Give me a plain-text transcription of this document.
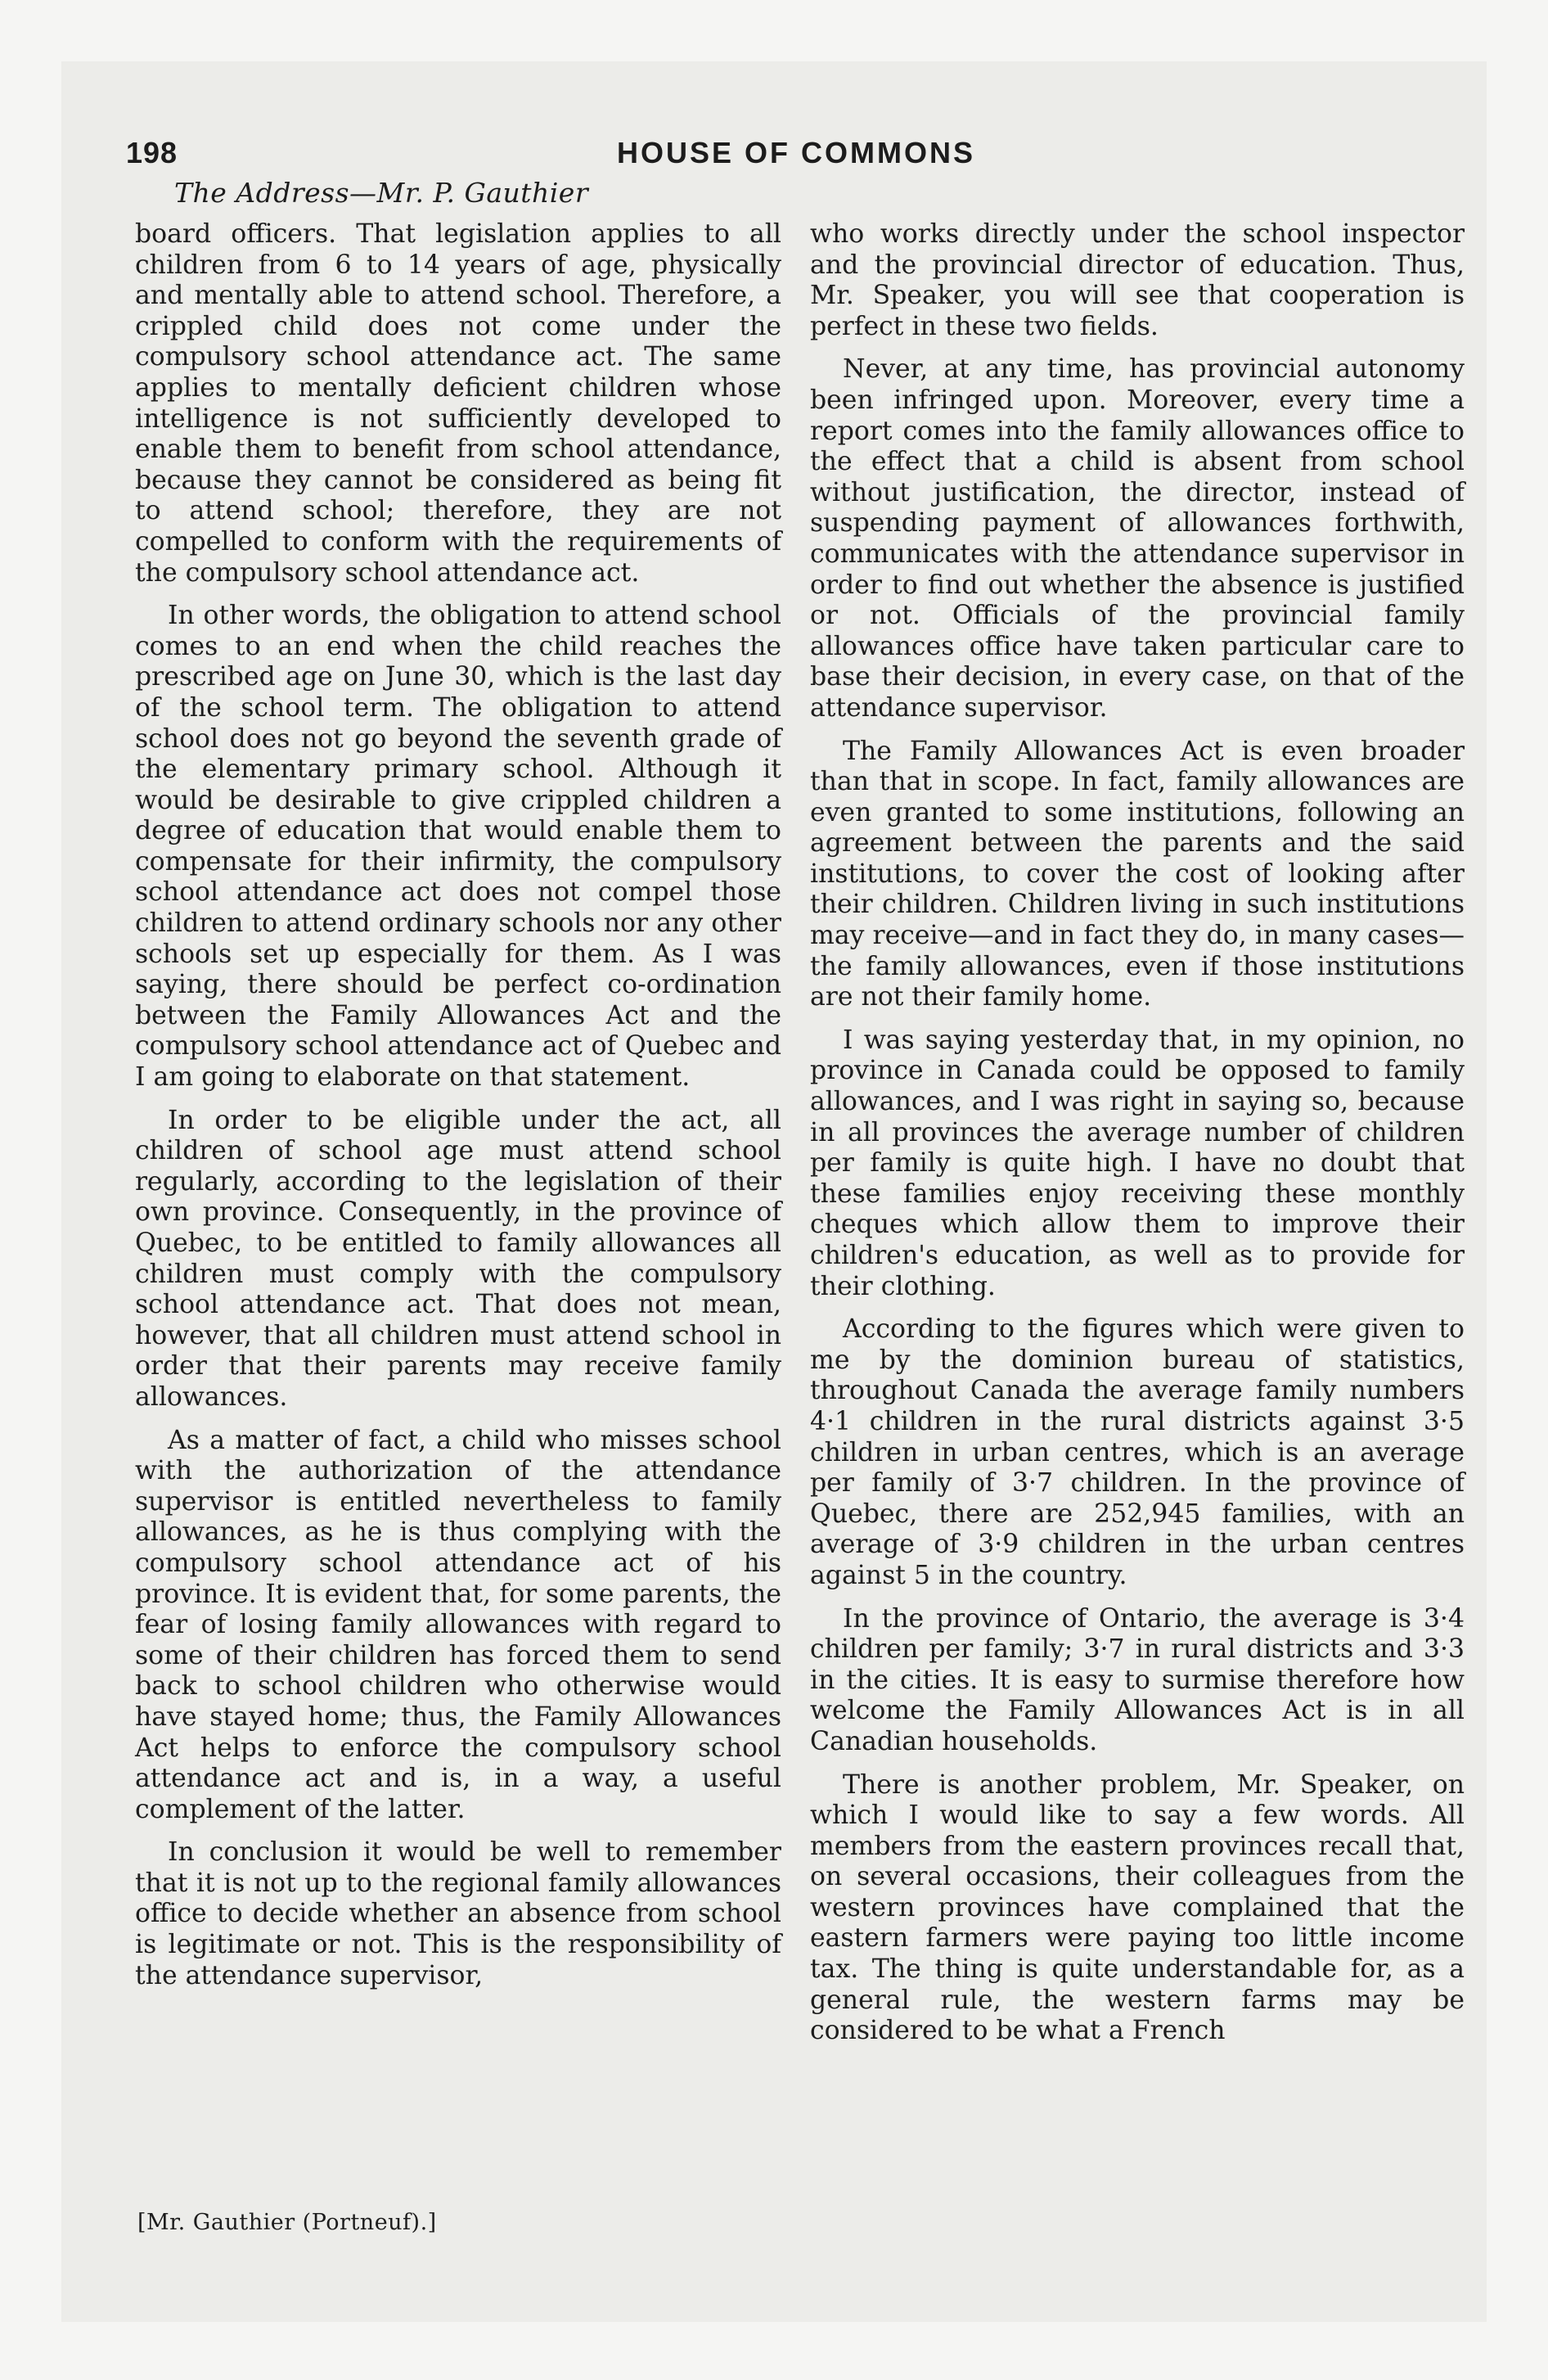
198	HOUSE OF COMMONS
The Address—Mr. P. Gauthier

board officers. That legislation applies to all children from 6 to 14 years of age, physically and mentally able to attend school. Therefore, a crippled child does not come under the compulsory school attendance act. The same applies to mentally deficient children whose intelligence is not sufficiently developed to enable them to benefit from school attendance, because they cannot be considered as being fit to attend school; therefore, they are not compelled to conform with the requirements of the compulsory school attendance act.

In other words, the obligation to attend school comes to an end when the child reaches the prescribed age on June 30, which is the last day of the school term. The obligation to attend school does not go beyond the seventh grade of the elementary primary school. Although it would be desirable to give crippled children a degree of education that would enable them to compensate for their infirmity, the compulsory school attendance act does not compel those children to attend ordinary schools nor any other schools set up especially for them. As I was saying, there should be perfect co-ordination between the Family Allowances Act and the compulsory school attendance act of Quebec and I am going to elaborate on that statement.

In order to be eligible under the act, all children of school age must attend school regularly, according to the legislation of their own province. Consequently, in the province of Quebec, to be entitled to family allowances all children must comply with the compulsory school attendance act. That does not mean, however, that all children must attend school in order that their parents may receive family allowances.

As a matter of fact, a child who misses school with the authorization of the attendance supervisor is entitled nevertheless to family allowances, as he is thus complying with the compulsory school attendance act of his province. It is evident that, for some parents, the fear of losing family allowances with regard to some of their children has forced them to send back to school children who otherwise would have stayed home; thus, the Family Allowances Act helps to enforce the compulsory school attendance act and is, in a way, a useful complement of the latter.

In conclusion it would be well to remember that it is not up to the regional family allowances office to decide whether an absence from school is legitimate or not. This is the responsibility of the attendance supervisor,

who works directly under the school inspector and the provincial director of education. Thus, Mr. Speaker, you will see that cooperation is perfect in these two fields.

Never, at any time, has provincial autonomy been infringed upon. Moreover, every time a report comes into the family allowances office to the effect that a child is absent from school without justification, the director, instead of suspending payment of allowances forthwith, communicates with the attendance supervisor in order to find out whether the absence is justified or not. Officials of the provincial family allowances office have taken particular care to base their decision, in every case, on that of the attendance supervisor.

The Family Allowances Act is even broader than that in scope. In fact, family allowances are even granted to some institutions, following an agreement between the parents and the said institutions, to cover the cost of looking after their children. Children living in such institutions may receive—and in fact they do, in many cases—the family allowances, even if those institutions are not their family home.

I was saying yesterday that, in my opinion, no province in Canada could be opposed to family allowances, and I was right in saying so, because in all provinces the average number of children per family is quite high. I have no doubt that these families enjoy receiving these monthly cheques which allow them to improve their children's education, as well as to provide for their clothing.

According to the figures which were given to me by the dominion bureau of statistics, throughout Canada the average family numbers 4·1 children in the rural districts against 3·5 children in urban centres, which is an average per family of 3·7 children. In the province of Quebec, there are 252,945 families, with an average of 3·9 children in the urban centres against 5 in the country.

In the province of Ontario, the average is 3·4 children per family; 3·7 in rural districts and 3·3 in the cities. It is easy to surmise therefore how welcome the Family Allowances Act is in all Canadian households.

There is another problem, Mr. Speaker, on which I would like to say a few words. All members from the eastern provinces recall that, on several occasions, their colleagues from the western provinces have complained that the eastern farmers were paying too little income tax. The thing is quite understandable for, as a general rule, the western farms may be considered to be what a French

[Mr. Gauthier (Portneuf).]
